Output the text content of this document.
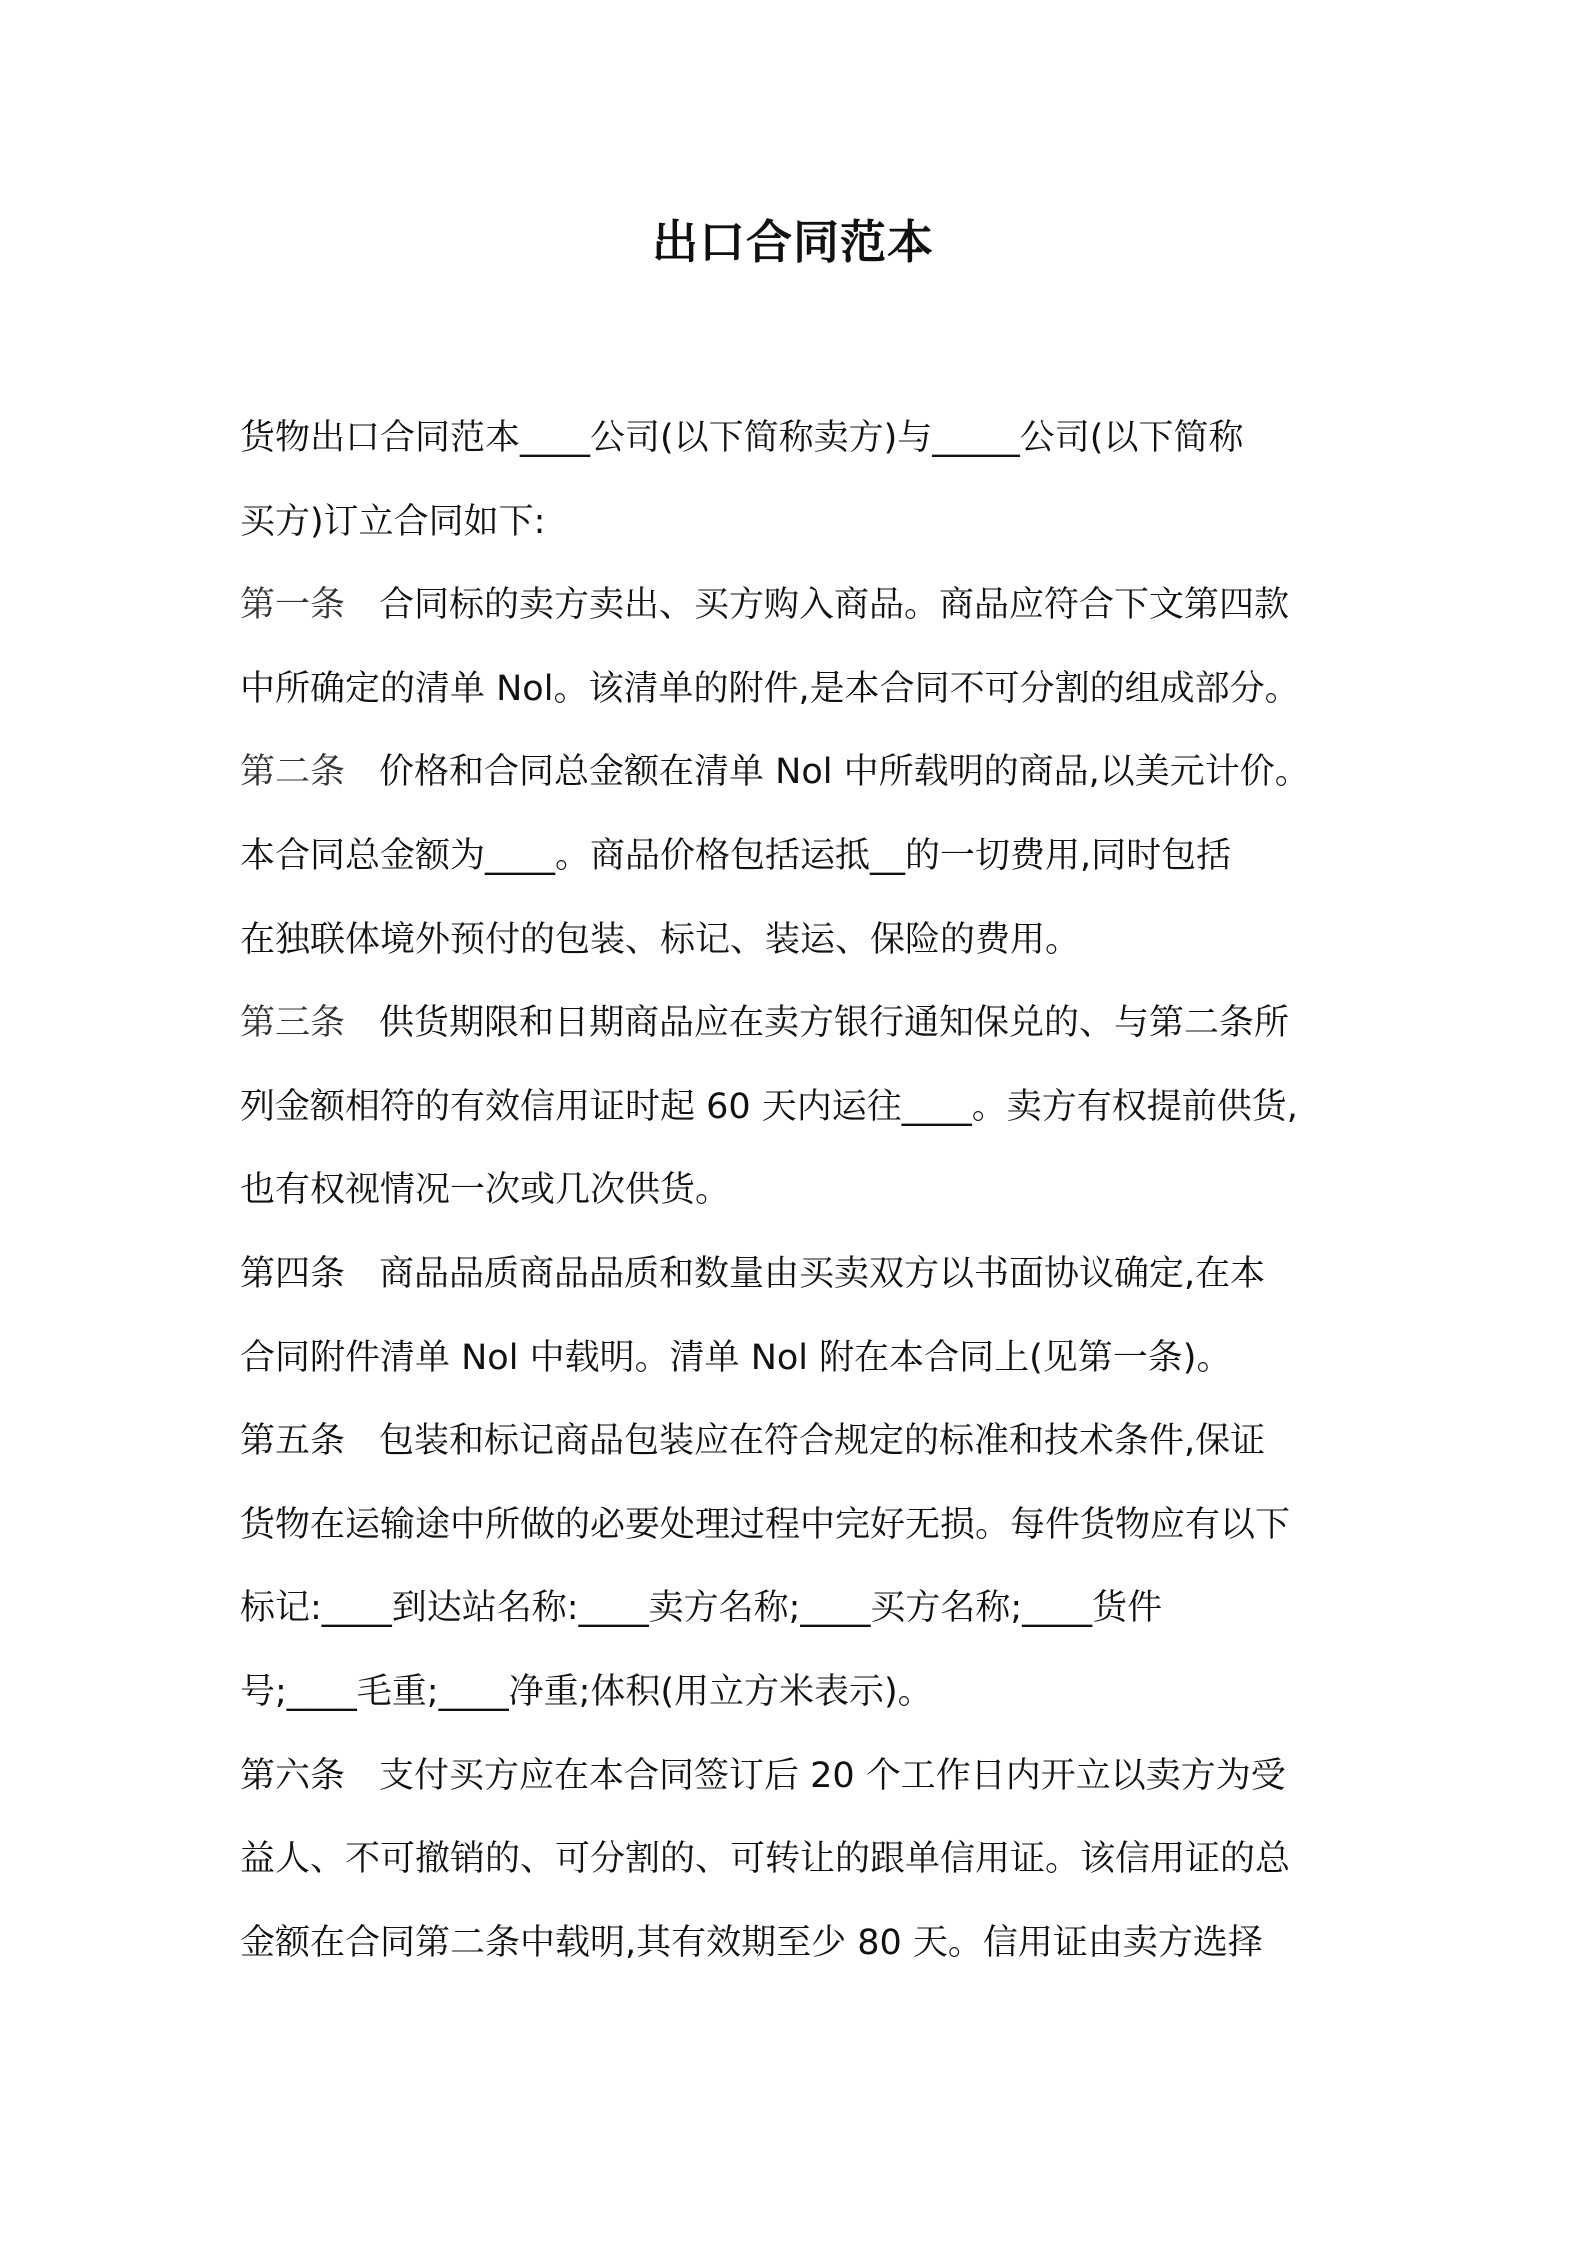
出口合同范本
货物出口合同范本____公司(以下简称卖方)与_____公司(以下简称
买方)订立合同如下:
第一条 合同标的卖方卖出、买方购入商品。商品应符合下文第四款
中所确定的清单 Nol。该清单的附件,是本合同不可分割的组成部分。
第二条 价格和合同总金额在清单 Nol 中所载明的商品,以美元计价。
本合同总金额为____。商品价格包括运抵__的一切费用,同时包括
在独联体境外预付的包装、标记、装运、保险的费用。
第三条 供货期限和日期商品应在卖方银行通知保兑的、与第二条所
列金额相符的有效信用证时起 60 天内运往____。卖方有权提前供货,
也有权视情况一次或几次供货。
第四条 商品品质商品品质和数量由买卖双方以书面协议确定,在本
合同附件清单 Nol 中载明。清单 Nol 附在本合同上(见第一条)。
第五条 包装和标记商品包装应在符合规定的标准和技术条件,保证
货物在运输途中所做的必要处理过程中完好无损。每件货物应有以下
标记:____到达站名称:____卖方名称;____买方名称;____货件
号;____毛重;____净重;体积(用立方米表示)。
第六条 支付买方应在本合同签订后 20 个工作日内开立以卖方为受
益人、不可撤销的、可分割的、可转让的跟单信用证。该信用证的总
金额在合同第二条中载明,其有效期至少 80 天。信用证由卖方选择
